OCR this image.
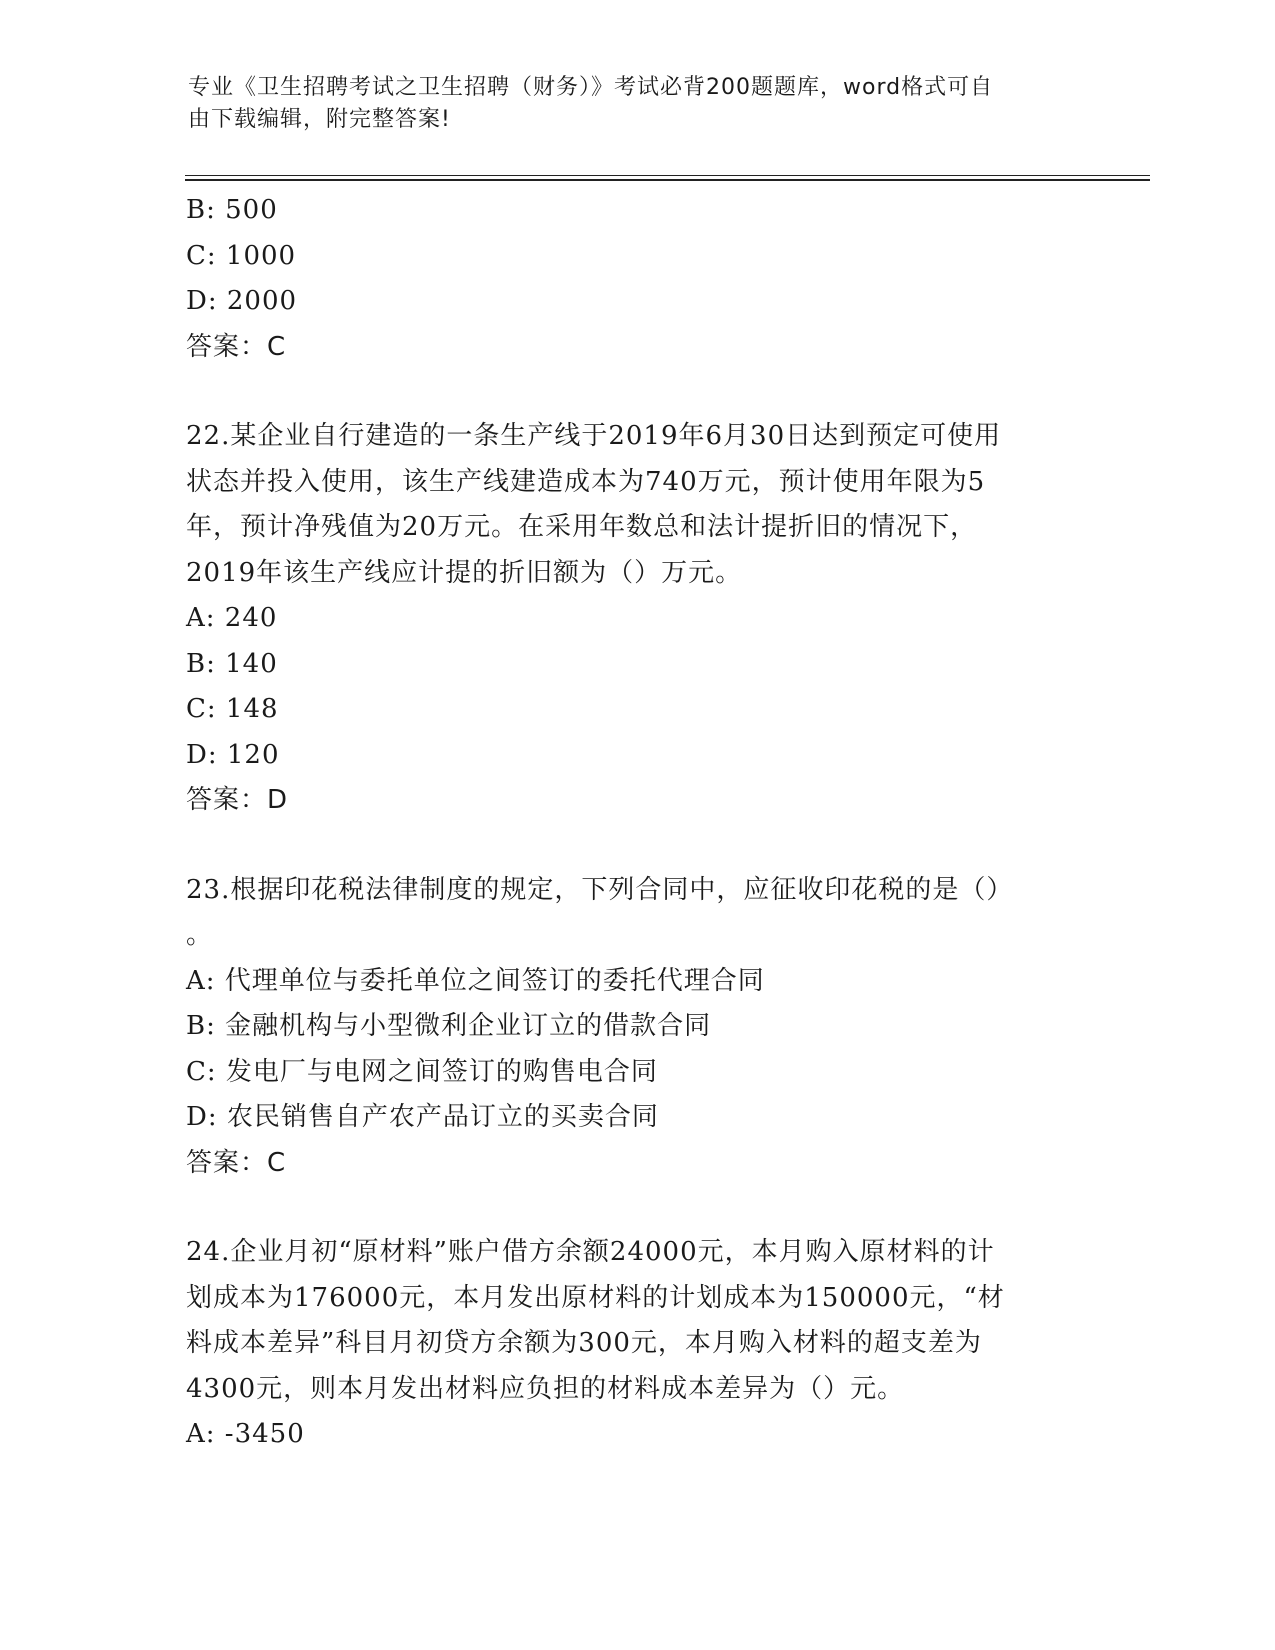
专业《卫生招聘考试之卫生招聘（财务）》考试必背200题题库，word格式可自
由下载编辑，附完整答案!
B: 500
C: 1000
D: 2000
答案：C
22.某企业自行建造的一条生产线于2019年6月30日达到预定可使用
状态并投入使用，该生产线建造成本为740万元，预计使用年限为5
年，预计净残值为20万元。在采用年数总和法计提折旧的情况下，
2019年该生产线应计提的折旧额为（）万元。
A: 240
B: 140
C: 148
D: 120
答案：D
23.根据印花税法律制度的规定，下列合同中，应征收印花税的是（）
。
A: 代理单位与委托单位之间签订的委托代理合同
B: 金融机构与小型微利企业订立的借款合同
C: 发电厂与电网之间签订的购售电合同
D: 农民销售自产农产品订立的买卖合同
答案：C
24.企业月初“原材料”账户借方余额24000元，本月购入原材料的计
划成本为176000元，本月发出原材料的计划成本为150000元，“材
料成本差异”科目月初贷方余额为300元，本月购入材料的超支差为
4300元，则本月发出材料应负担的材料成本差异为（）元。
A: -3450
